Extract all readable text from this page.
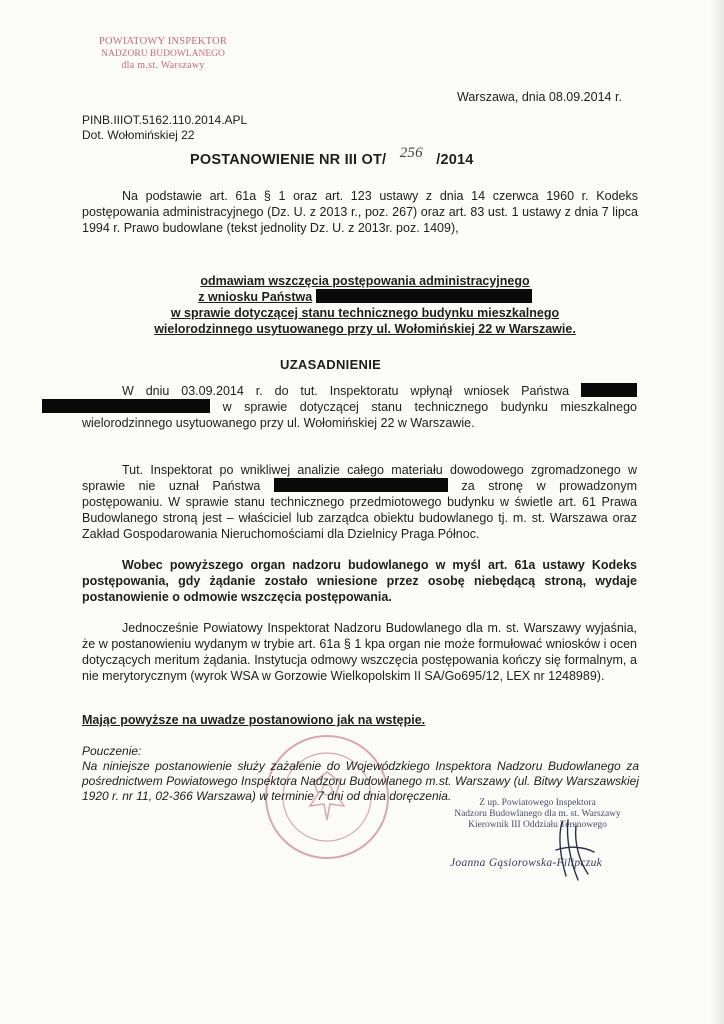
POWIATOWY INSPEKTOR
NADZORU BUDOWLANEGO
dla m.st. Warszawy
Warszawa, dnia 08.09.2014 r.
PINB.IIIOT.5162.110.2014.APL
Dot. Wołomińskiej 22
POSTANOWIENIE NR III OT/ 256 /2014
Na podstawie art. 61a § 1 oraz art. 123 ustawy z dnia 14 czerwca 1960 r. Kodeks postępowania administracyjnego (Dz. U. z 2013 r., poz. 267) oraz art. 83 ust. 1 ustawy z dnia 7 lipca 1994 r. Prawo budowlane (tekst jednolity Dz. U. z 2013r. poz. 1409),
odmawiam wszczęcia postępowania administracyjnego
z wniosku Państwa
w sprawie dotyczącej stanu technicznego budynku mieszkalnego
wielorodzinnego usytuowanego przy ul. Wołomińskiej 22 w Warszawie.
UZASADNIENIE
W dniu 03.09.2014 r. do tut. Inspektoratu wpłynął wniosek Państwa   w sprawie dotyczącej stanu technicznego budynku mieszkalnego wielorodzinnego usytuowanego przy ul. Wołomińskiej 22 w Warszawie.
Tut. Inspektorat po wnikliwej analizie całego materiału dowodowego zgromadzonego w sprawie nie uznał Państwa	za stronę w prowadzonym postępowaniu. W sprawie stanu technicznego przedmiotowego budynku w świetle art. 61 Prawa Budowlanego stroną jest – właściciel lub zarządca obiektu budowlanego tj. m. st. Warszawa oraz Zakład Gospodarowania Nieruchomościami dla Dzielnicy Praga Północ.
Wobec powyższego organ nadzoru budowlanego w myśl art. 61a ustawy Kodeks postępowania, gdy żądanie zostało wniesione przez osobę niebędącą stroną, wydaje postanowienie o odmowie wszczęcia postępowania.
Jednocześnie Powiatowy Inspektorat Nadzoru Budowlanego dla m. st. Warszawy wyjaśnia, że w postanowieniu wydanym w trybie art. 61a § 1 kpa organ nie może formułować wniosków i ocen dotyczących meritum żądania. Instytucja odmowy wszczęcia postępowania kończy się formalnym, a nie merytorycznym (wyrok WSA w Gorzowie Wielkopolskim II SA/Go695/12, LEX nr 1248989).
Mając powyższe na uwadze postanowiono jak na wstępie.
Pouczenie:
Na niniejsze postanowienie służy zażalenie do Wojewódzkiego Inspektora Nadzoru Budowlanego za pośrednictwem Powiatowego Inspektora Nadzoru Budowlanego m.st. Warszawy (ul. Bitwy Warszawskiej 1920 r. nr 11, 02-366 Warszawa) w terminie 7 dni od dnia doręczenia.	Z up. Powiatowego Inspektora
Nadzoru Budowlanego dla m. st. Warszawy
Kierownik III Oddziału Terenowego
Joanna Gąsiorowska-Filipczuk
